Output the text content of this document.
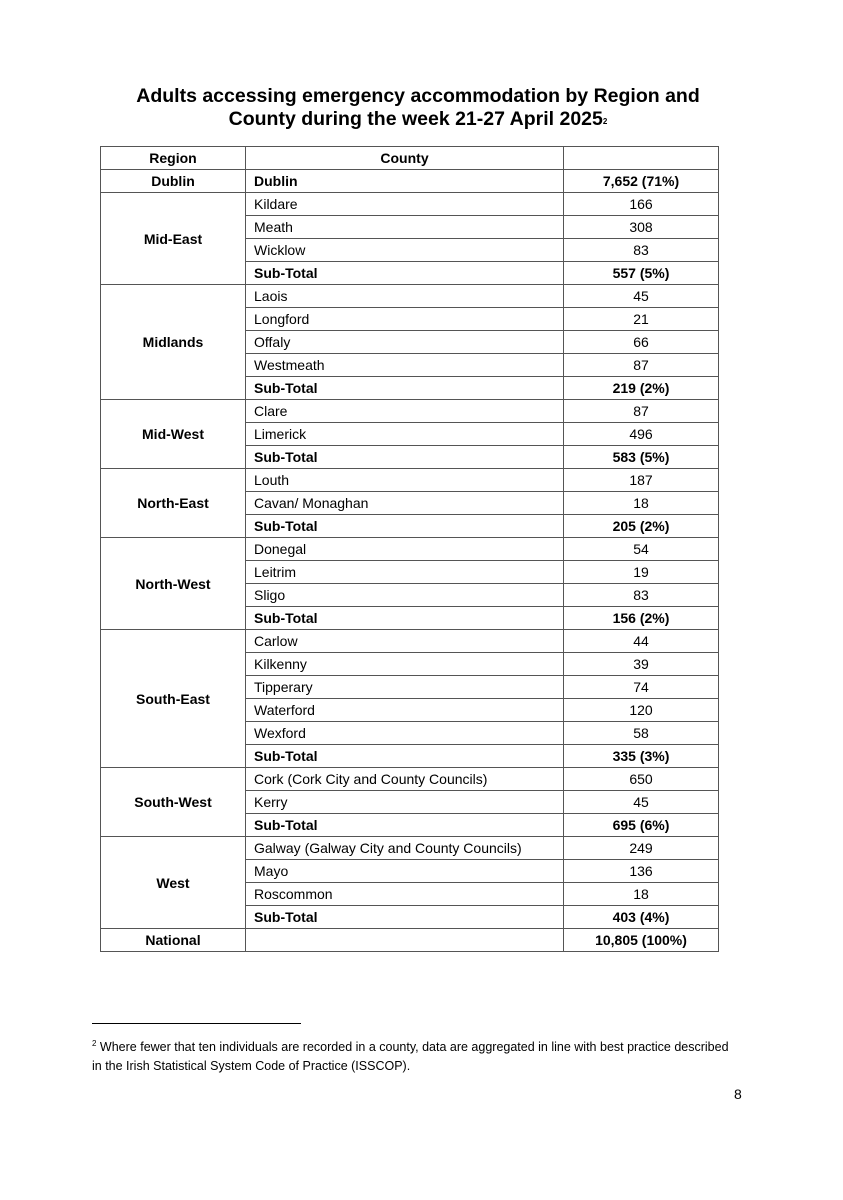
Adults accessing emergency accommodation by Region and
County during the week 21-27 April 2025$^2$
Region	County	
Dublin	Dublin	7,652 (71%)
Mid-East	Kildare	166
	Meath	308
	Wicklow	83
	Sub-Total	557 (5%)
Midlands	Laois	45
	Longford	21
	Offaly	66
	Westmeath	87
	Sub-Total	219 (2%)
Mid-West	Clare	87
	Limerick	496
	Sub-Total	583 (5%)
North-East	Louth	187
	Cavan/ Monaghan	18
	Sub-Total	205 (2%)
North-West	Donegal	54
	Leitrim	19
	Sligo	83
	Sub-Total	156 (2%)
South-East	Carlow	44
	Kilkenny	39
	Tipperary	74
	Waterford	120
	Wexford	58
	Sub-Total	335 (3%)
South-West	Cork (Cork City and County Councils)	650
	Kerry	45
	Sub-Total	695 (6%)
West	Galway (Galway City and County Councils)	249
	Mayo	136
	Roscommon	18
	Sub-Total	403 (4%)
National		10,805 (100%)
$^2$ Where fewer that ten individuals are recorded in a county, data are aggregated in line with best practice described in the Irish Statistical System Code of Practice (ISSCOP).
8
